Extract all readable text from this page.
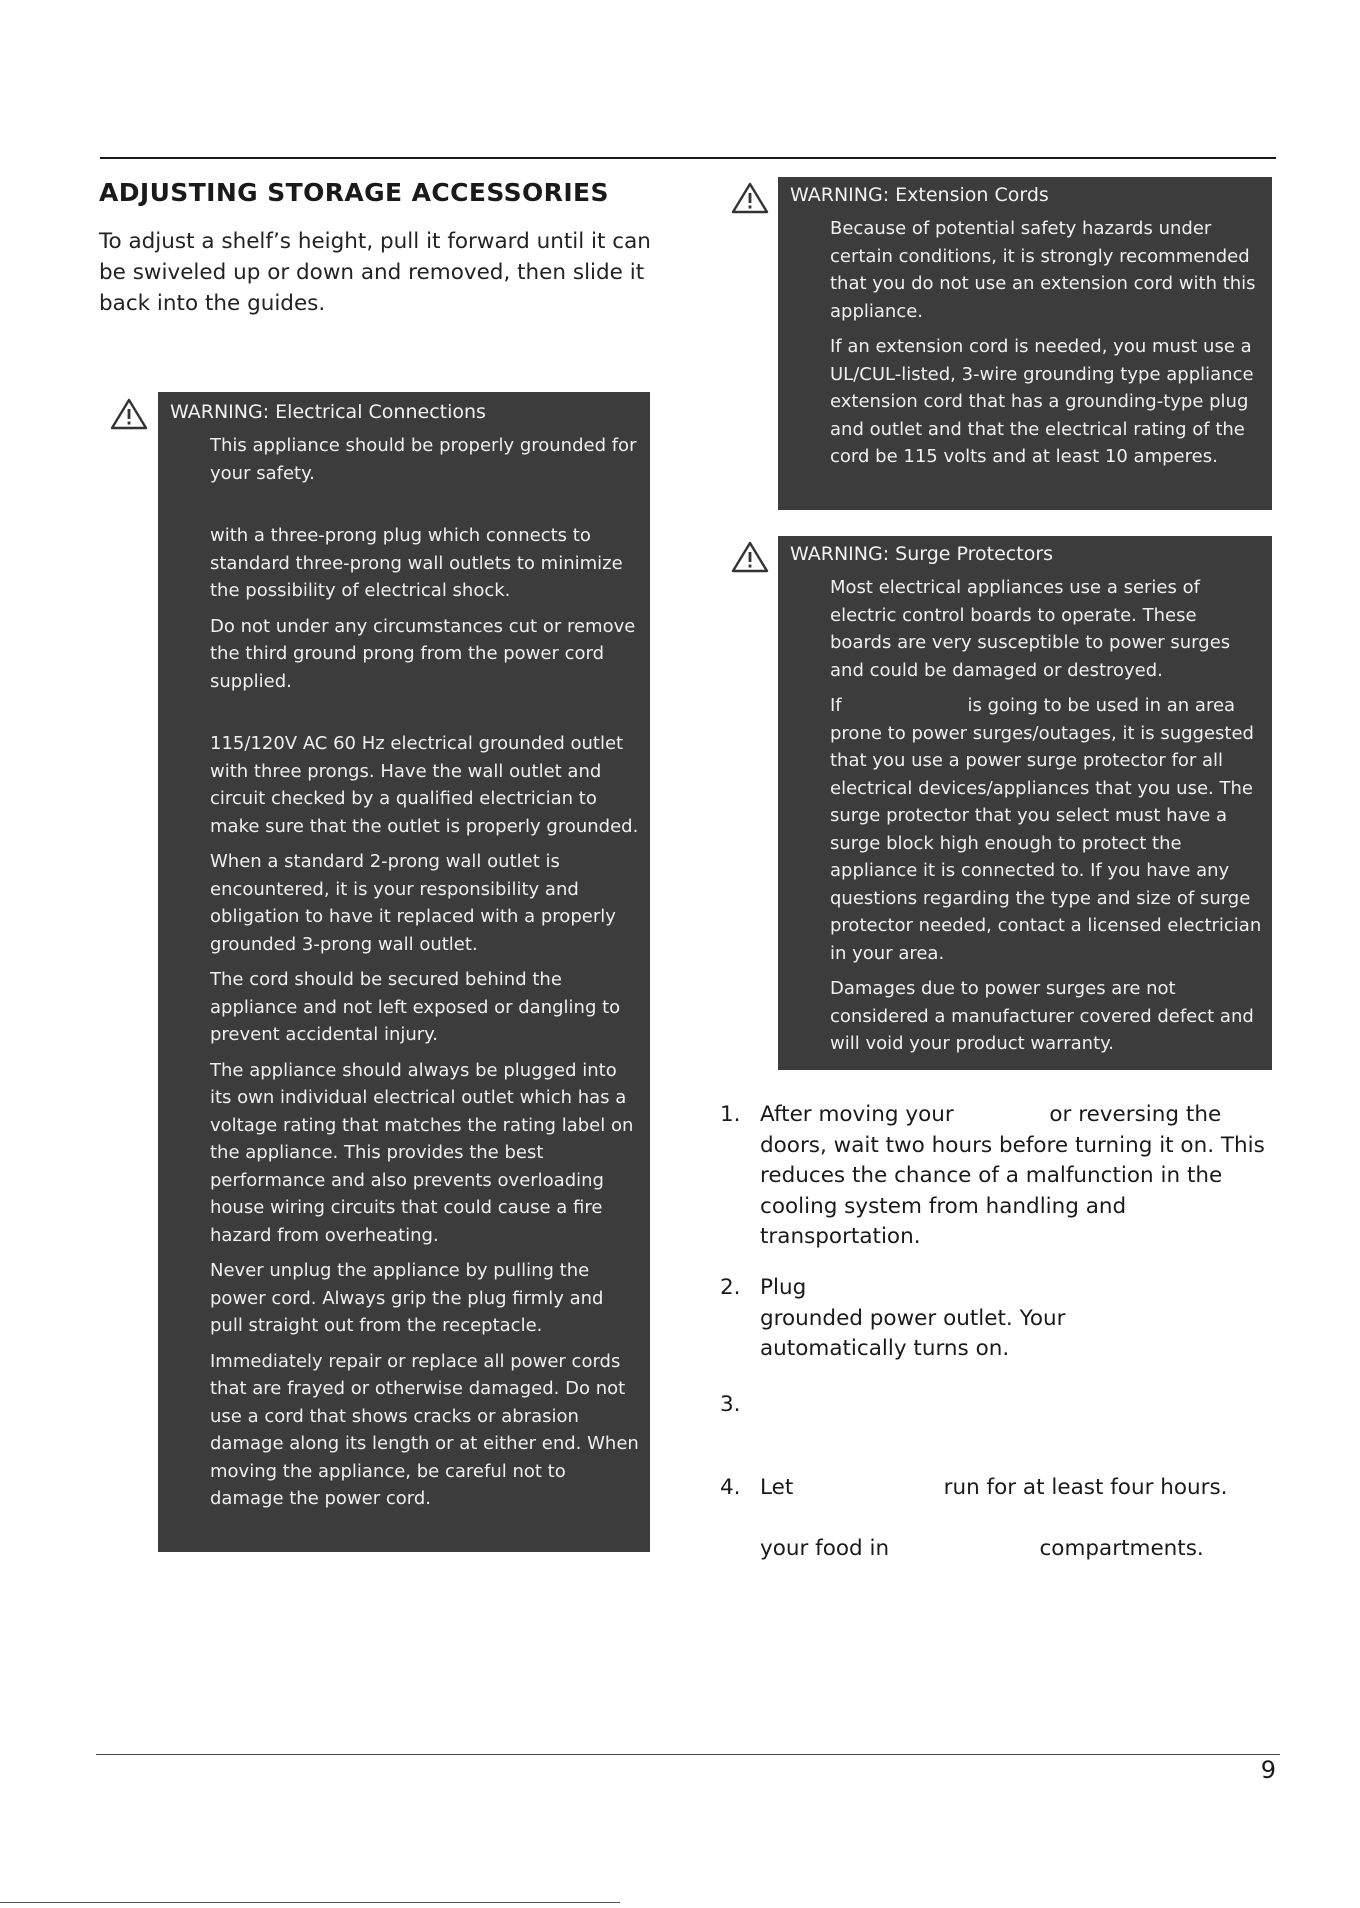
ADJUSTING STORAGE ACCESSORIES

To adjust a shelf’s height, pull it forward until it can be swiveled up or down and removed, then slide it back into the guides.

WARNING: Electrical Connections

This appliance should be properly grounded for your safety.

with a three-prong plug which connects to standard three-prong wall outlets to minimize the possibility of electrical shock.

Do not under any circumstances cut or remove the third ground prong from the power cord supplied.

115/120V AC 60 Hz electrical grounded outlet with three prongs. Have the wall outlet and circuit checked by a qualified electrician to make sure that the outlet is properly grounded.

When a standard 2-prong wall outlet is encountered, it is your responsibility and obligation to have it replaced with a properly grounded 3-prong wall outlet.

The cord should be secured behind the appliance and not left exposed or dangling to prevent accidental injury.

The appliance should always be plugged into its own individual electrical outlet which has a voltage rating that matches the rating label on the appliance. This provides the best performance and also prevents overloading house wiring circuits that could cause a fire hazard from overheating.

Never unplug the appliance by pulling the power cord. Always grip the plug firmly and pull straight out from the receptacle.

Immediately repair or replace all power cords that are frayed or otherwise damaged. Do not use a cord that shows cracks or abrasion damage along its length or at either end. When moving the appliance, be careful not to damage the power cord.

WARNING: Extension Cords

Because of potential safety hazards under certain conditions, it is strongly recommended that you do not use an extension cord with this appliance.

If an extension cord is needed, you must use a UL/CUL-listed, 3-wire grounding type appliance extension cord that has a grounding-type plug and outlet and that the electrical rating of the cord be 115 volts and at least 10 amperes.

WARNING: Surge Protectors

Most electrical appliances use a series of electric control boards to operate. These boards are very susceptible to power surges and could be damaged or destroyed.

If                      is going to be used in an area prone to power surges/outages, it is suggested that you use a power surge protector for all electrical devices/appliances that you use. The surge protector that you select must have a surge block high enough to protect the appliance it is connected to. If you have any questions regarding the type and size of surge protector needed, contact a licensed electrician in your area.

Damages due to power surges are not considered a manufacturer covered defect and will void your product warranty.

1. After moving your              or reversing the doors, wait two hours before turning it on. This reduces the chance of a malfunction in the cooling system from handling and transportation.
2. Plug
grounded power outlet. Your
automatically turns on.
3.
4. Let                      run for at least four hours.

your food in                      compartments.
9
